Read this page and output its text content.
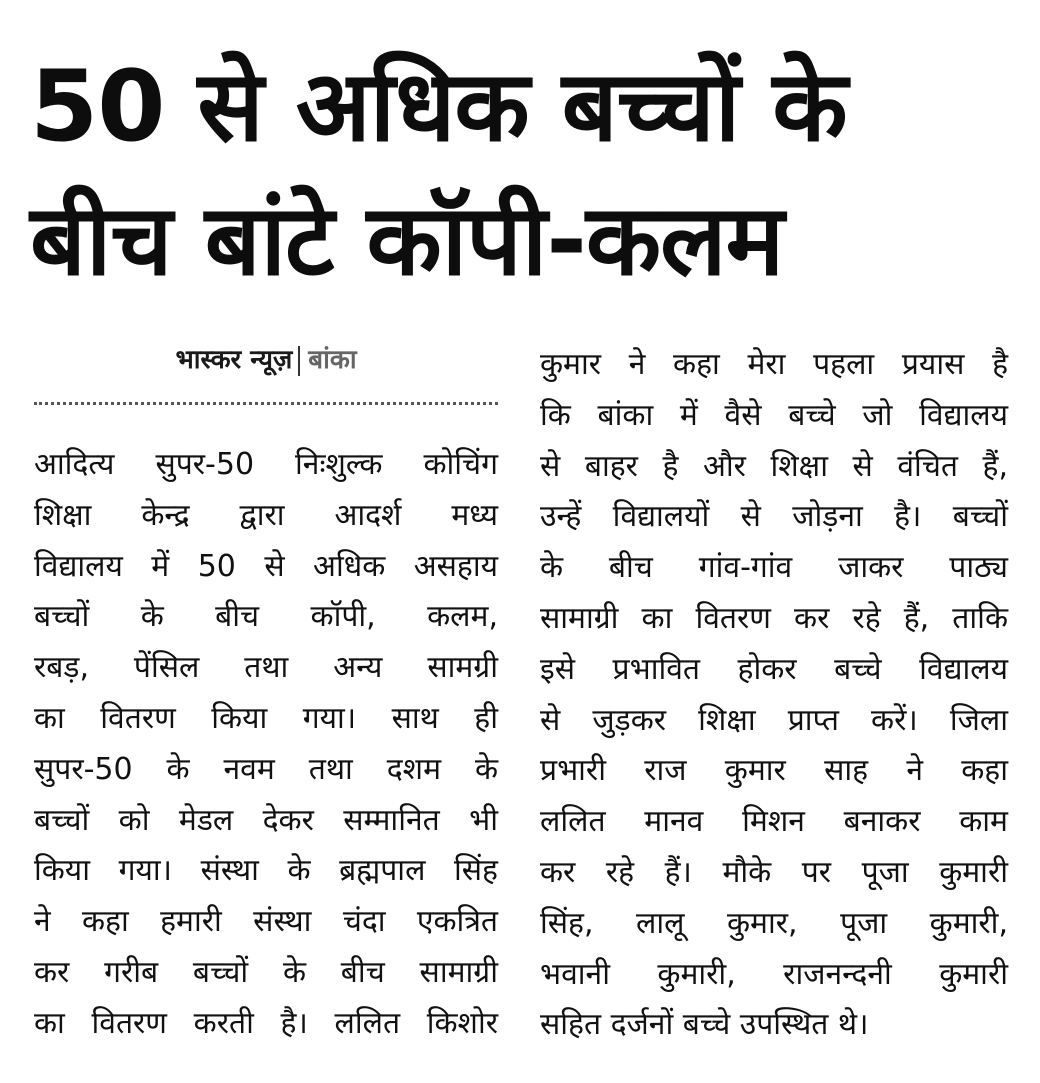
50 से अधिक बच्चों के
बीच बांटे कॉपी-कलम
भास्कर न्यूज़ बांका
आदित्य सुपर-50 निःशुल्क कोचिंग
शिक्षा केन्द्र द्वारा आदर्श मध्य
विद्यालय में 50 से अधिक असहाय
बच्चों के बीच कॉपी, कलम,
रबड़, पेंसिल तथा अन्य सामग्री
का वितरण किया गया। साथ ही
सुपर-50 के नवम तथा दशम के
बच्चों को मेडल देकर सम्मानित भी
किया गया। संस्था के ब्रह्मपाल सिंह
ने कहा हमारी संस्था चंदा एकत्रित
कर गरीब बच्चों के बीच सामाग्री
का वितरण करती है। ललित किशोर
कुमार ने कहा मेरा पहला प्रयास है
कि बांका में वैसे बच्चे जो विद्यालय
से बाहर है और शिक्षा से वंचित हैं,
उन्हें विद्यालयों से जोड़ना है। बच्चों
के बीच गांव-गांव जाकर पाठ्य
सामाग्री का वितरण कर रहे हैं, ताकि
इसे प्रभावित होकर बच्चे विद्यालय
से जुड़कर शिक्षा प्राप्त करें। जिला
प्रभारी राज कुमार साह ने कहा
ललित मानव मिशन बनाकर काम
कर रहे हैं। मौके पर पूजा कुमारी
सिंह, लालू कुमार, पूजा कुमारी,
भवानी कुमारी, राजनन्दनी कुमारी
सहित दर्जनों बच्चे उपस्थित थे।
